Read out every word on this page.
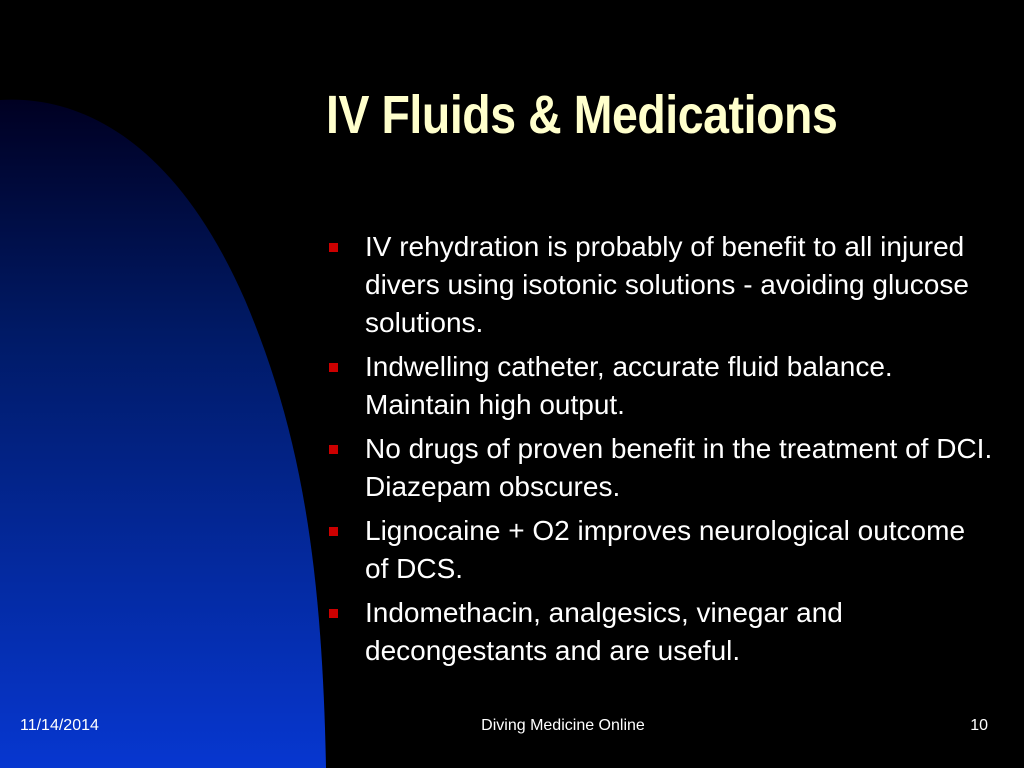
IV Fluids & Medications
IV rehydration is probably of benefit to all injured divers using isotonic solutions - avoiding glucose solutions.
Indwelling catheter, accurate fluid balance. Maintain high output.
No drugs of proven benefit in the treatment of DCI. Diazepam obscures.
Lignocaine + O2 improves neurological outcome of DCS.
Indomethacin, analgesics, vinegar and decongestants and are useful.
11/14/2014	Diving Medicine Online	10
